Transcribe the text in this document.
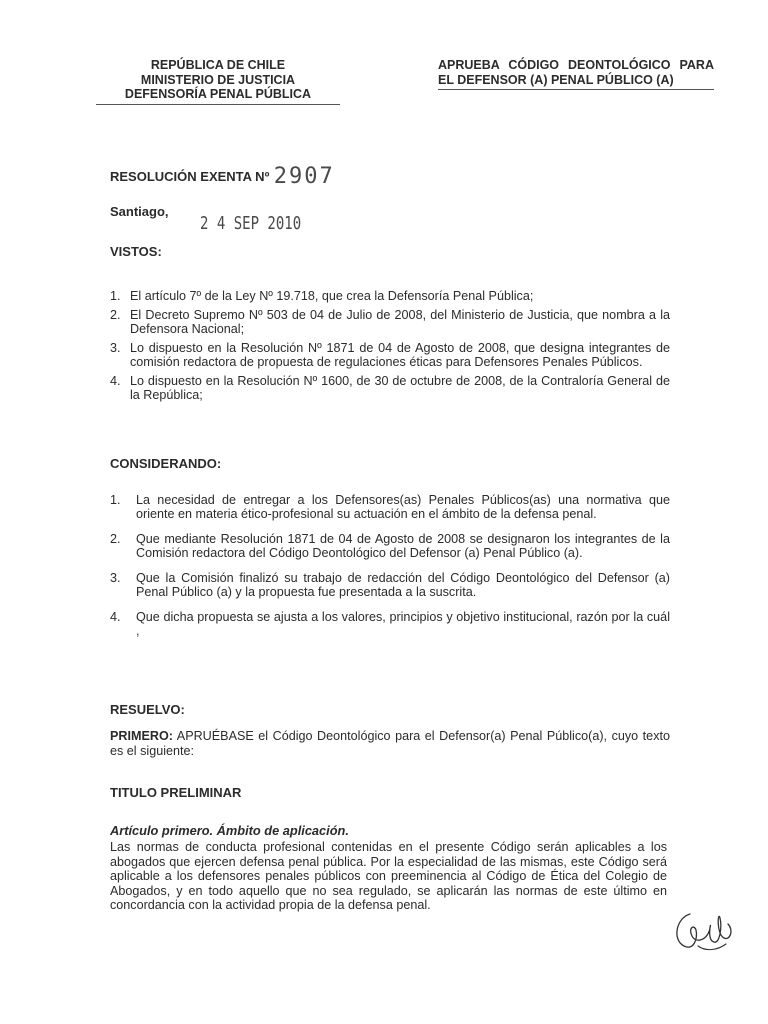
REPÚBLICA DE CHILE
MINISTERIO DE JUSTICIA
DEFENSORÍA PENAL PÚBLICA
APRUEBA CÓDIGO DEONTOLÓGICO PARA EL DEFENSOR (A) PENAL PÚBLICO (A)
RESOLUCIÓN EXENTA Nº 2907
Santiago,
2 4 SEP 2010
VISTOS:
1. El artículo 7º de la Ley Nº 19.718, que crea la Defensoría Penal Pública;
2. El Decreto Supremo Nº 503 de 04 de Julio de 2008, del Ministerio de Justicia, que nombra a la Defensora Nacional;
3. Lo dispuesto en la Resolución Nº 1871 de 04 de Agosto de 2008, que designa integrantes de comisión redactora de propuesta de regulaciones éticas para Defensores Penales Públicos.
4. Lo dispuesto en la Resolución Nº 1600, de 30 de octubre de 2008, de la Contraloría General de la República;
CONSIDERANDO:
1. La necesidad de entregar a los Defensores(as) Penales Públicos(as) una normativa que oriente en materia ético-profesional su actuación en el ámbito de la defensa penal.
2. Que mediante Resolución 1871 de 04 de Agosto de 2008 se designaron los integrantes de la Comisión redactora del Código Deontológico del Defensor (a) Penal Público (a).
3. Que la Comisión finalizó su trabajo de redacción del Código Deontológico del Defensor (a) Penal Público (a) y la propuesta fue presentada a la suscrita.
4. Que dicha propuesta se ajusta a los valores, principios y objetivo institucional, razón por la cuál ,
RESUELVO:
PRIMERO: APRUÉBASE el Código Deontológico para el Defensor(a) Penal Público(a), cuyo texto es el siguiente:
TITULO PRELIMINAR
Artículo primero. Ámbito de aplicación.
Las normas de conducta profesional contenidas en el presente Código serán aplicables a los abogados que ejercen defensa penal pública. Por la especialidad de las mismas, este Código será aplicable a los defensores penales públicos con preeminencia al Código de Ética del Colegio de Abogados, y en todo aquello que no sea regulado, se aplicarán las normas de este último en concordancia con la actividad propia de la defensa penal.
